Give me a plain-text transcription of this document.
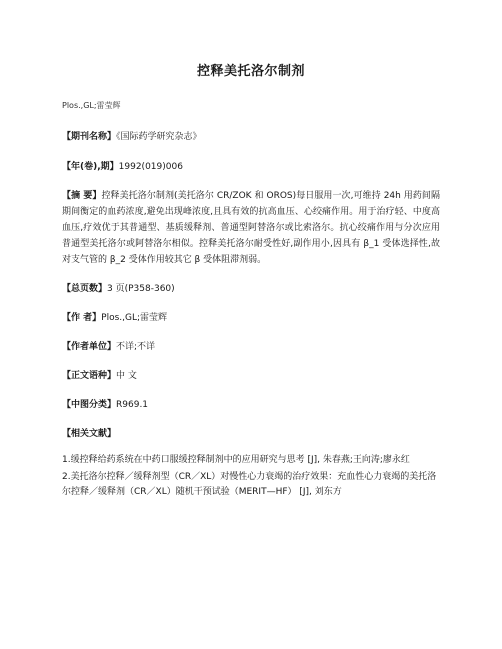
控释美托洛尔制剂
Plos.,GL;雷莹辉
【期刊名称】《国际药学研究杂志》
【年(卷),期】1992(019)006
【摘 要】控释美托洛尔制剂(美托洛尔 CR/ZOK 和 OROS)每日服用一次,可维持 24h 用药间隔期间衡定的血药浓度,避免出现峰浓度,且具有效的抗高血压、心绞痛作用。用于治疗轻、中度高血压,疗效优于其普通型、基质缓释剂、普通型阿替洛尔或比索洛尔。抗心绞痛作用与分次应用普通型美托洛尔或阿替洛尔相似。控释美托洛尔耐受性好,副作用小,因具有 β_1 受体选择性,故对支气管的 β_2 受体作用较其它 β 受体阻滞剂弱。
【总页数】3 页(P358-360)
【作 者】Plos.,GL;雷莹辉
【作者单位】不详;不详
【正文语种】中 文
【中图分类】R969.1
【相关文献】

1.缓控释给药系统在中药口服缓控释制剂中的应用研究与思考 [J], 朱春燕;王向涛;廖永红

2.美托洛尔控释／缓释剂型（CR／XL）对慢性心力衰竭的治疗效果：充血性心力衰竭的美托洛尔控释／缓释剂（CR／XL）随机干预试验（MERIT—HF） [J], 刘东方
